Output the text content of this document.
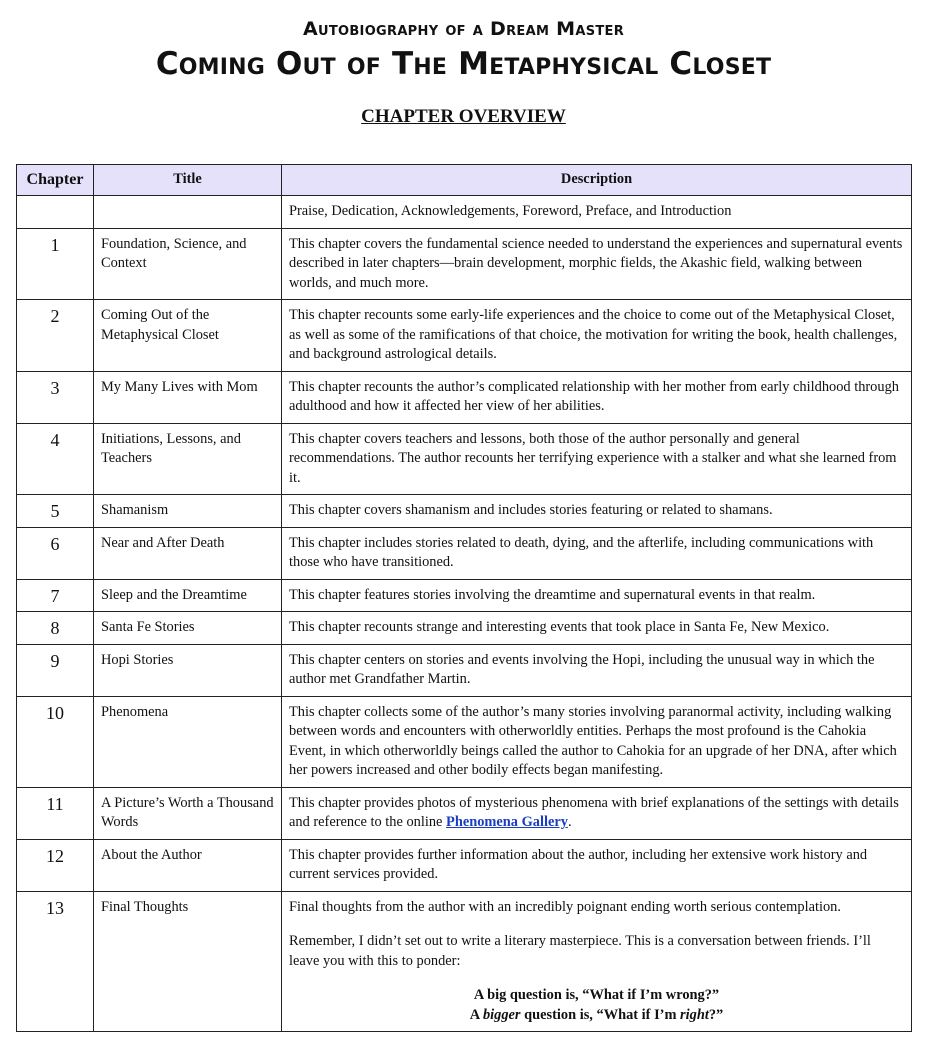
Autobiography of a Dream Master
Coming Out of The Metaphysical Closet
CHAPTER OVERVIEW
Chapter	Title	Description
		Praise, Dedication, Acknowledgements, Foreword, Preface, and Introduction
1	Foundation, Science, and Context	This chapter covers the fundamental science needed to understand the experiences and supernatural events described in later chapters—brain development, morphic fields, the Akashic field, walking between worlds, and much more.
2	Coming Out of the Metaphysical Closet	This chapter recounts some early-life experiences and the choice to come out of the Metaphysical Closet, as well as some of the ramifications of that choice, the motivation for writing the book, health challenges, and background astrological details.
3	My Many Lives with Mom	This chapter recounts the author’s complicated relationship with her mother from early childhood through adulthood and how it affected her view of her abilities.
4	Initiations, Lessons, and Teachers	This chapter covers teachers and lessons, both those of the author personally and general recommendations. The author recounts her terrifying experience with a stalker and what she learned from it.
5	Shamanism	This chapter covers shamanism and includes stories featuring or related to shamans.
6	Near and After Death	This chapter includes stories related to death, dying, and the afterlife, including communications with those who have transitioned.
7	Sleep and the Dreamtime	This chapter features stories involving the dreamtime and supernatural events in that realm.
8	Santa Fe Stories	This chapter recounts strange and interesting events that took place in Santa Fe, New Mexico.
9	Hopi Stories	This chapter centers on stories and events involving the Hopi, including the unusual way in which the author met Grandfather Martin.
10	Phenomena	This chapter collects some of the author’s many stories involving paranormal activity, including walking between words and encounters with otherworldly entities. Perhaps the most profound is the Cahokia Event, in which otherworldly beings called the author to Cahokia for an upgrade of her DNA, after which her powers increased and other bodily effects began manifesting.
11	A Picture’s Worth a Thousand Words	This chapter provides photos of mysterious phenomena with brief explanations of the settings with details and reference to the online Phenomena Gallery.
12	About the Author	This chapter provides further information about the author, including her extensive work history and current services provided.
13	Final Thoughts	Final thoughts from the author with an incredibly poignant ending worth serious contemplation.

Remember, I didn’t set out to write a literary masterpiece. This is a conversation between friends. I’ll leave you with this to ponder:

A big question is, “What if I’m wrong?”

A bigger question is, “What if I’m right?”
